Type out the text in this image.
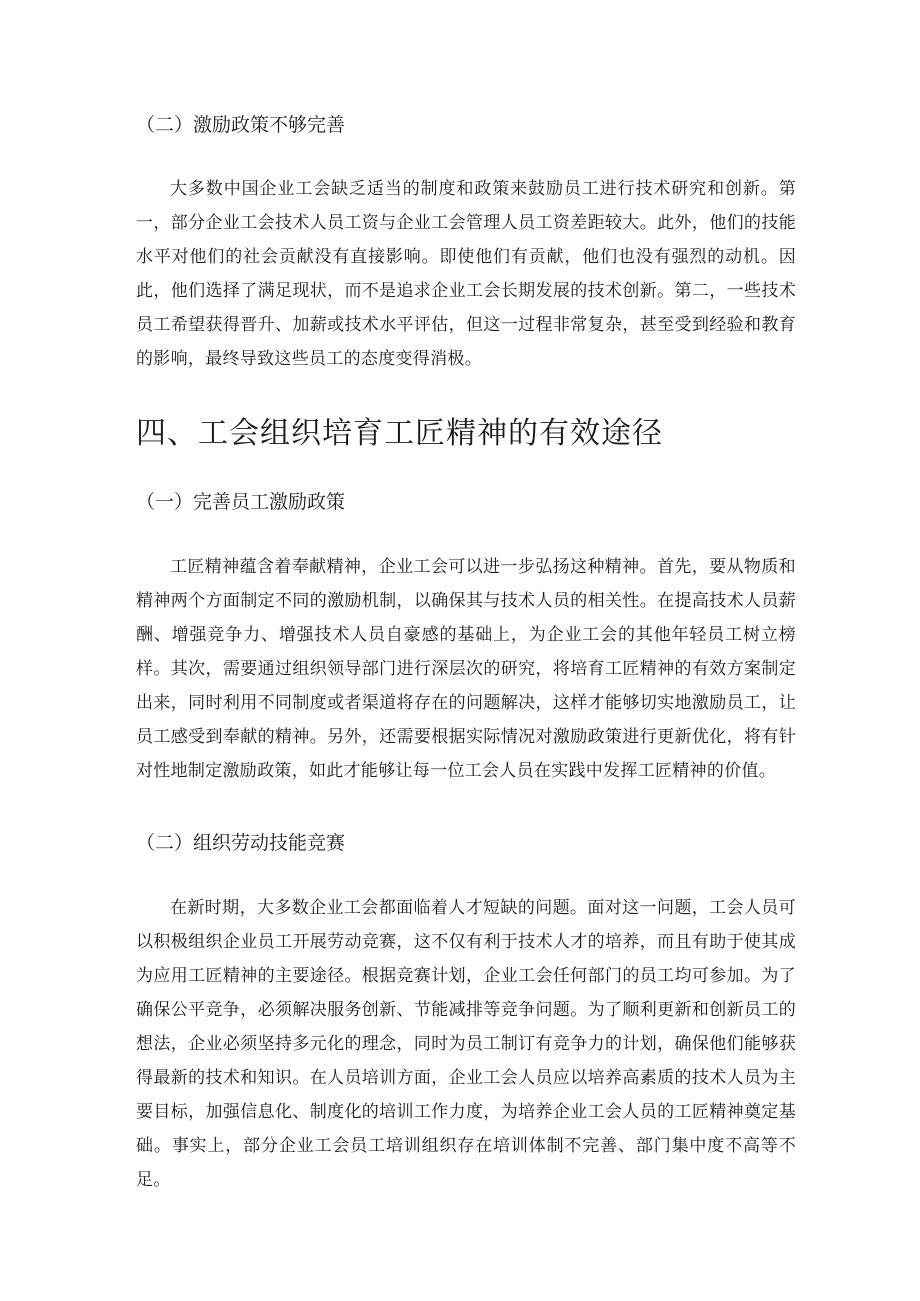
（二）激励政策不够完善

大多数中国企业工会缺乏适当的制度和政策来鼓励员工进行技术研究和创新。第一，部分企业工会技术人员工资与企业工会管理人员工资差距较大。此外，他们的技能水平对他们的社会贡献没有直接影响。即使他们有贡献，他们也没有强烈的动机。因此，他们选择了满足现状，而不是追求企业工会长期发展的技术创新。第二，一些技术员工希望获得晋升、加薪或技术水平评估，但这一过程非常复杂，甚至受到经验和教育的影响，最终导致这些员工的态度变得消极。

四、工会组织培育工匠精神的有效途径
（一）完善员工激励政策

工匠精神蕴含着奉献精神，企业工会可以进一步弘扬这种精神。首先，要从物质和精神两个方面制定不同的激励机制，以确保其与技术人员的相关性。在提高技术人员薪酬、增强竞争力、增强技术人员自豪感的基础上，为企业工会的其他年轻员工树立榜样。其次，需要通过组织领导部门进行深层次的研究，将培育工匠精神的有效方案制定出来，同时利用不同制度或者渠道将存在的问题解决，这样才能够切实地激励员工，让员工感受到奉献的精神。另外，还需要根据实际情况对激励政策进行更新优化，将有针对性地制定激励政策，如此才能够让每一位工会人员在实践中发挥工匠精神的价值。

（二）组织劳动技能竞赛

在新时期，大多数企业工会都面临着人才短缺的问题。面对这一问题，工会人员可以积极组织企业员工开展劳动竞赛，这不仅有利于技术人才的培养，而且有助于使其成为应用工匠精神的主要途径。根据竞赛计划，企业工会任何部门的员工均可参加。为了确保公平竞争，必须解决服务创新、节能减排等竞争问题。为了顺利更新和创新员工的想法，企业必须坚持多元化的理念，同时为员工制订有竞争力的计划，确保他们能够获得最新的技术和知识。在人员培训方面，企业工会人员应以培养高素质的技术人员为主要目标，加强信息化、制度化的培训工作力度，为培养企业工会人员的工匠精神奠定基础。事实上，部分企业工会员工培训组织存在培训体制不完善、部门集中度不高等不足。
